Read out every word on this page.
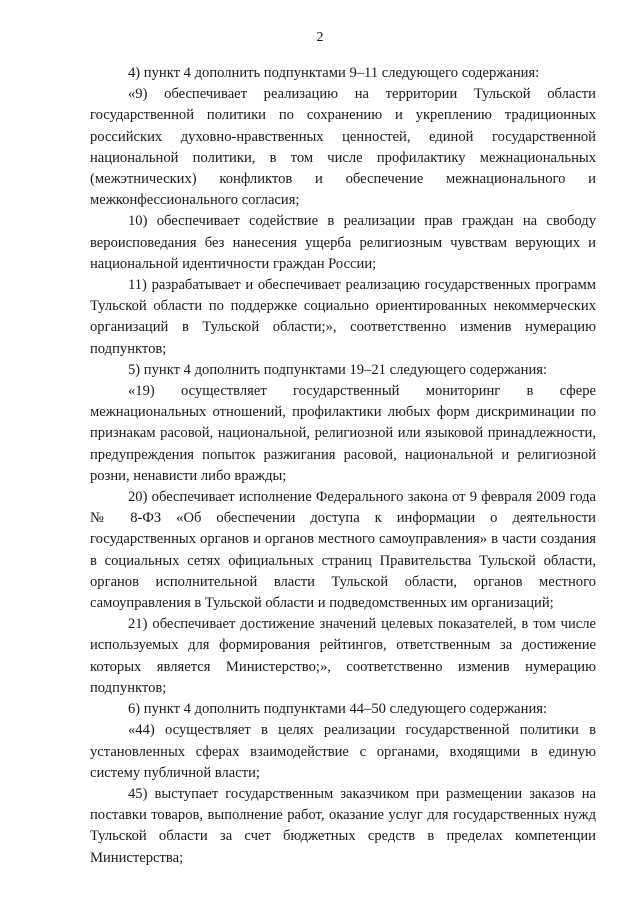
2

4) пункт 4 дополнить подпунктами 9–11 следующего содержания:

«9) обеспечивает реализацию на территории Тульской области государственной политики по сохранению и укреплению традиционных российских духовно-нравственных ценностей, единой государственной национальной политики, в том числе профилактику межнациональных (межэтнических) конфликтов и обеспечение межнационального и межконфессионального согласия;

10) обеспечивает содействие в реализации прав граждан на свободу вероисповедания без нанесения ущерба религиозным чувствам верующих и национальной идентичности граждан России;

11) разрабатывает и обеспечивает реализацию государственных программ Тульской области по поддержке социально ориентированных некоммерческих организаций в Тульской области;», соответственно изменив нумерацию подпунктов;

5) пункт 4 дополнить подпунктами 19–21 следующего содержания:

«19) осуществляет государственный мониторинг в сфере межнациональных отношений, профилактики любых форм дискриминации по признакам расовой, национальной, религиозной или языковой принадлежности, предупреждения попыток разжигания расовой, национальной и религиозной розни, ненависти либо вражды;

20) обеспечивает исполнение Федерального закона от 9 февраля 2009 года № 8-ФЗ «Об обеспечении доступа к информации о деятельности государственных органов и органов местного самоуправления» в части создания в социальных сетях официальных страниц Правительства Тульской области, органов исполнительной власти Тульской области, органов местного самоуправления в Тульской области и подведомственных им организаций;

21) обеспечивает достижение значений целевых показателей, в том числе используемых для формирования рейтингов, ответственным за достижение которых является Министерство;», соответственно изменив нумерацию подпунктов;

6) пункт 4 дополнить подпунктами 44–50 следующего содержания:

«44) осуществляет в целях реализации государственной политики в установленных сферах взаимодействие с органами, входящими в единую систему публичной власти;

45) выступает государственным заказчиком при размещении заказов на поставки товаров, выполнение работ, оказание услуг для государственных нужд Тульской области за счет бюджетных средств в пределах компетенции Министерства;
